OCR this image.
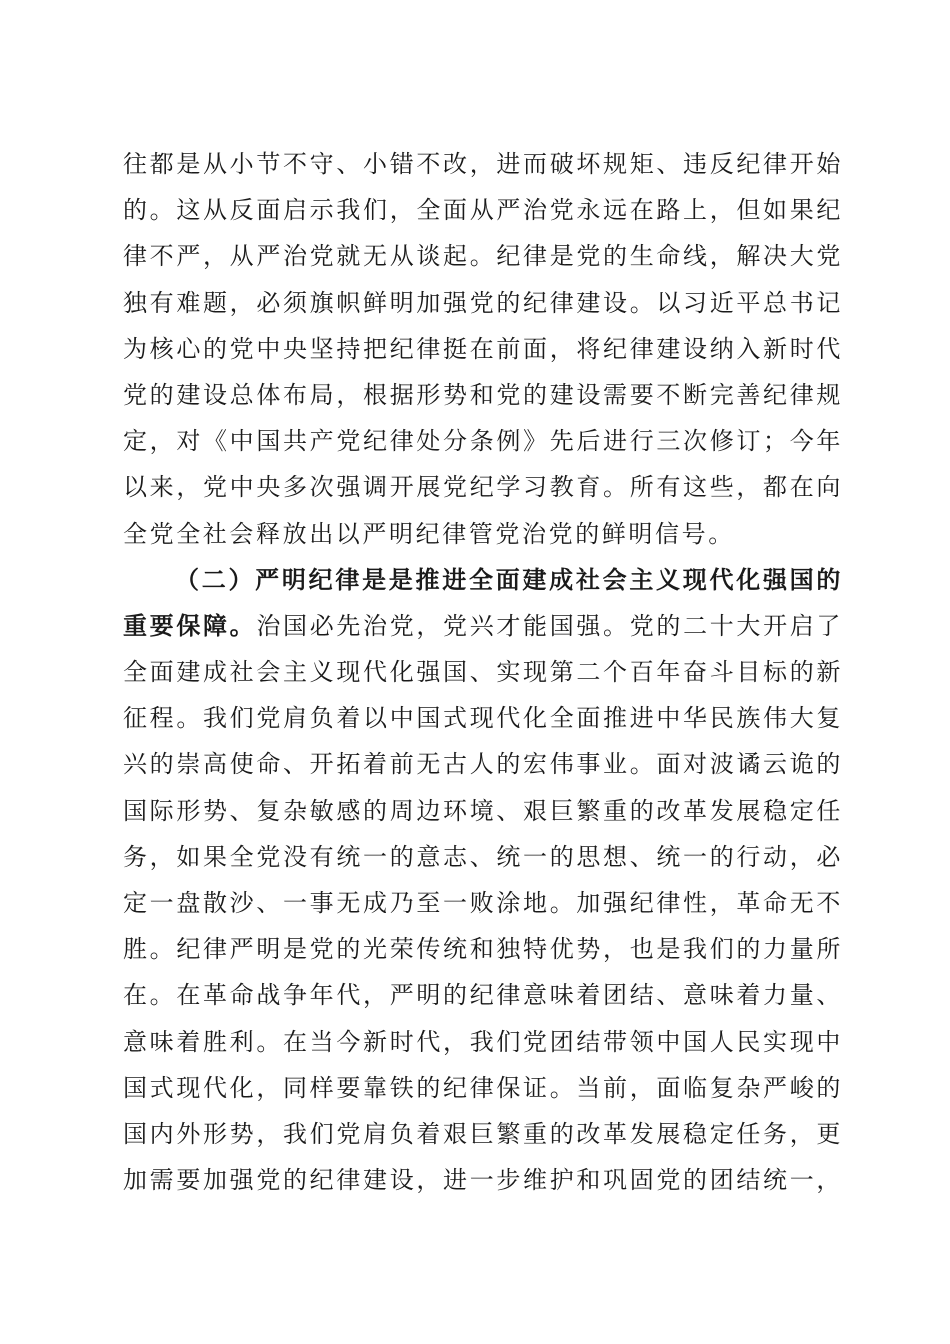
往都是从小节不守、小错不改，进而破坏规矩、违反纪律开始
的。这从反面启示我们，全面从严治党永远在路上，但如果纪
律不严，从严治党就无从谈起。纪律是党的生命线，解决大党
独有难题，必须旗帜鲜明加强党的纪律建设。以习近平总书记
为核心的党中央坚持把纪律挺在前面，将纪律建设纳入新时代
党的建设总体布局，根据形势和党的建设需要不断完善纪律规
定，对《中国共产党纪律处分条例》先后进行三次修订；今年
以来，党中央多次强调开展党纪学习教育。所有这些，都在向
全党全社会释放出以严明纪律管党治党的鲜明信号。
（二）严明纪律是是推进全面建成社会主义现代化强国的
重要保障。治国必先治党，党兴才能国强。党的二十大开启了
全面建成社会主义现代化强国、实现第二个百年奋斗目标的新
征程。我们党肩负着以中国式现代化全面推进中华民族伟大复
兴的崇高使命、开拓着前无古人的宏伟事业。面对波谲云诡的
国际形势、复杂敏感的周边环境、艰巨繁重的改革发展稳定任
务，如果全党没有统一的意志、统一的思想、统一的行动，必
定一盘散沙、一事无成乃至一败涂地。加强纪律性，革命无不
胜。纪律严明是党的光荣传统和独特优势，也是我们的力量所
在。在革命战争年代，严明的纪律意味着团结、意味着力量、
意味着胜利。在当今新时代，我们党团结带领中国人民实现中
国式现代化，同样要靠铁的纪律保证。当前，面临复杂严峻的
国内外形势，我们党肩负着艰巨繁重的改革发展稳定任务，更
加需要加强党的纪律建设，进一步维护和巩固党的团结统一，
